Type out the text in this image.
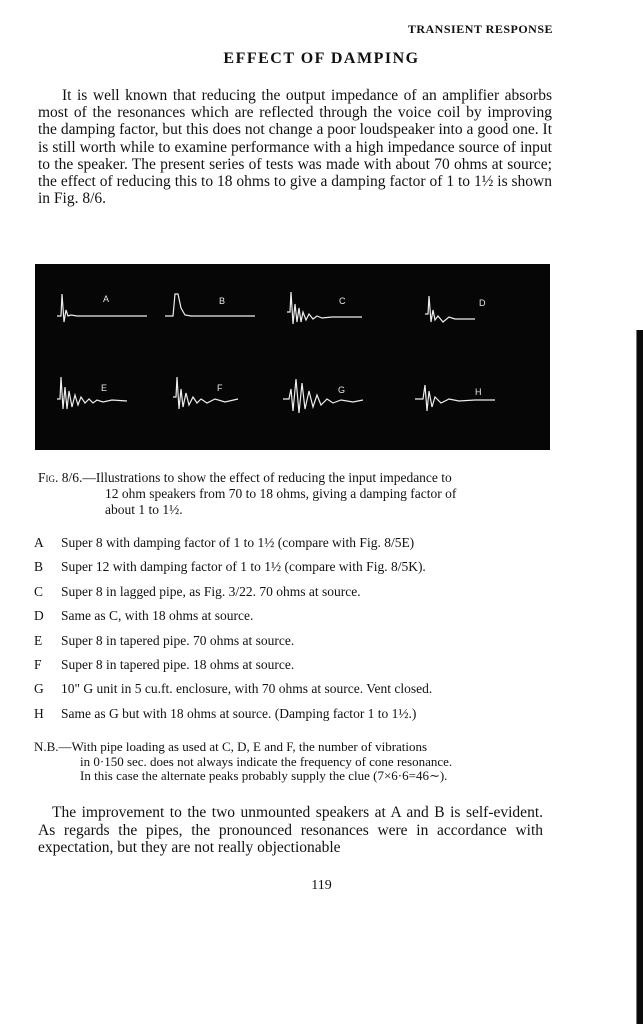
TRANSIENT RESPONSE
EFFECT OF DAMPING

It is well known that reducing the output impedance of an amplifier absorbs most of the resonances which are reflected through the voice coil by improving the damping factor, but this does not change a poor loudspeaker into a good one. It is still worth while to examine performance with a high impedance source of input to the speaker. The present series of tests was made with about 70 ohms at source; the effect of reducing this to 18 ohms to give a damping factor of 1 to 1½ is shown in Fig. 8/6.

A	B	C	D
E	F	G	H
Fig. 8/6.—Illustrations to show the effect of reducing the input impedance to
12 ohm speakers from 70 to 18 ohms, giving a damping factor of
about 1 to 1½.
A Super 8 with damping factor of 1 to 1½ (compare with Fig. 8/5E)
B Super 12 with damping factor of 1 to 1½ (compare with Fig. 8/5K).
C Super 8 in lagged pipe, as Fig. 3/22. 70 ohms at source.
D Same as C, with 18 ohms at source.
E Super 8 in tapered pipe. 70 ohms at source.
F Super 8 in tapered pipe. 18 ohms at source.
G 10" G unit in 5 cu.ft. enclosure, with 70 ohms at source. Vent closed.
H Same as G but with 18 ohms at source. (Damping factor 1 to 1½.)
N.B.—With pipe loading as used at C, D, E and F, the number of vibrations
in 0·150 sec. does not always indicate the frequency of cone resonance.
In this case the alternate peaks probably supply the clue (7×6·6=46∼).

The improvement to the two unmounted speakers at A and B is self-evident. As regards the pipes, the pronounced resonances were in accordance with expectation, but they are not really objectionable

119
